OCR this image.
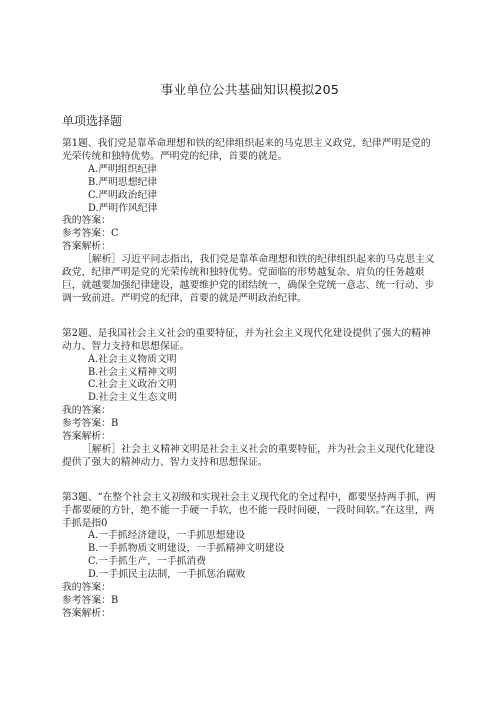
事业单位公共基础知识模拟205
单项选择题

第1题、我们党是靠革命理想和铁的纪律组织起来的马克思主义政党，纪律严明是党的光荣传统和独特优势。严明党的纪律，首要的就是。

A.严明组织纪律

B.严明思想纪律

C.严明政治纪律

D.严明作风纪律

我的答案：

参考答案：C

答案解析：

［解析］习近平同志指出，我们党是靠革命理想和铁的纪律组织起来的马克思主义政党，纪律严明是党的光荣传统和独特优势。党面临的形势越复杂、肩负的任务越艰巨，就越要加强纪律建设，越要维护党的团结统一，确保全党统一意志、统一行动、步调一致前进。严明党的纪律，首要的就是严明政治纪律。

第2题、是我国社会主义社会的重要特征，并为社会主义现代化建设提供了强大的精神动力、智力支持和思想保证。

A.社会主义物质文明

B.社会主义精神文明

C.社会主义政治文明

D.社会主义生态文明

我的答案：

参考答案：B

答案解析：

［解析］社会主义精神文明是社会主义社会的重要特征，并为社会主义现代化建设提供了强大的精神动力、智力支持和思想保证。

第3题、“在整个社会主义初级和实现社会主义现代化的全过程中，都要坚持两手抓，两手都要硬的方针，绝不能一手硬一手软，也不能一段时间硬，一段时间软。”在这里，两手抓是指0

A.一手抓经济建设，一手抓思想建设

B.一手抓物质文明建设，一手抓精神文明建设

C.一手抓生产，一手抓消费

D.一手抓民主法制，一手抓惩治腐败

我的答案：

参考答案：B

答案解析：
